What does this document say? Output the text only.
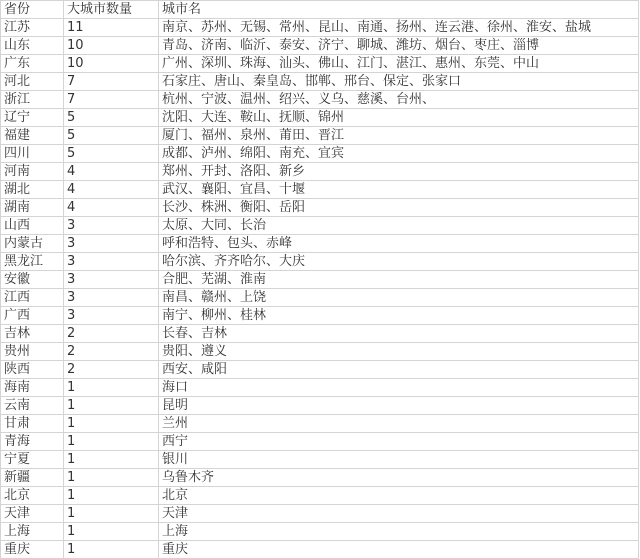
省份	大城市数量	城市名
江苏	11	南京、苏州、无锡、常州、昆山、南通、扬州、连云港、徐州、淮安、盐城
山东	10	青岛、济南、临沂、泰安、济宁、聊城、潍坊、烟台、枣庄、淄博
广东	10	广州、深圳、珠海、汕头、佛山、江门、湛江、惠州、东莞、中山
河北	7	石家庄、唐山、秦皇岛、邯郸、邢台、保定、张家口
浙江	7	杭州、宁波、温州、绍兴、义乌、慈溪、台州、
辽宁	5	沈阳、大连、鞍山、抚顺、锦州
福建	5	厦门、福州、泉州、莆田、晋江
四川	5	成都、泸州、绵阳、南充、宜宾
河南	4	郑州、开封、洛阳、新乡
湖北	4	武汉、襄阳、宜昌、十堰
湖南	4	长沙、株洲、衡阳、岳阳
山西	3	太原、大同、长治
内蒙古	3	呼和浩特、包头、赤峰
黑龙江	3	哈尔滨、齐齐哈尔、大庆
安徽	3	合肥、芜湖、淮南
江西	3	南昌、赣州、上饶
广西	3	南宁、柳州、桂林
吉林	2	长春、吉林
贵州	2	贵阳、遵义
陕西	2	西安、咸阳
海南	1	海口
云南	1	昆明
甘肃	1	兰州
青海	1	西宁
宁夏	1	银川
新疆	1	乌鲁木齐
北京	1	北京
天津	1	天津
上海	1	上海
重庆	1	重庆
